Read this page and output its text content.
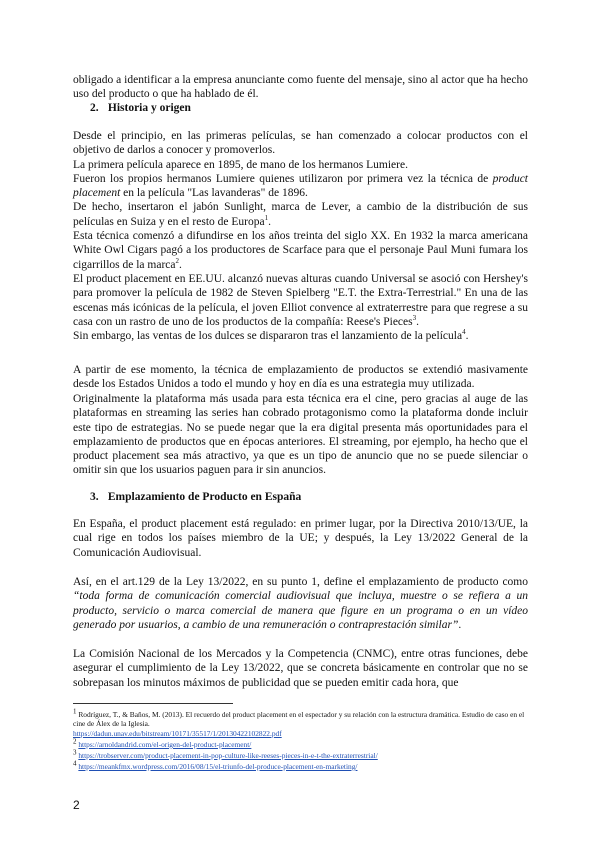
obligado a identificar a la empresa anunciante como fuente del mensaje, sino al actor que ha hecho uso del producto o que ha hablado de él.

2. Historia y origen

Desde el principio, en las primeras películas, se han comenzado a colocar productos con el objetivo de darlos a conocer y promoverlos.
La primera película aparece en 1895, de mano de los hermanos Lumiere.
Fueron los propios hermanos Lumiere quienes utilizaron por primera vez la técnica de product placement en la película "Las lavanderas" de 1896.
De hecho, insertaron el jabón Sunlight, marca de Lever, a cambio de la distribución de sus películas en Suiza y en el resto de Europa$^1$.
Esta técnica comenzó a difundirse en los años treinta del siglo XX. En 1932 la marca americana White Owl Cigars pagó a los productores de Scarface para que el personaje Paul Muni fumara los cigarrillos de la marca$^2$.
El product placement en EE.UU. alcanzó nuevas alturas cuando Universal se asoció con Hershey's para promover la película de 1982 de Steven Spielberg "E.T. the Extra-Terrestrial." En una de las escenas más icónicas de la película, el joven Elliot convence al extraterrestre para que regrese a su casa con un rastro de uno de los productos de la compañía: Reese's Pieces$^3$.
Sin embargo, las ventas de los dulces se dispararon tras el lanzamiento de la película$^4$.

A partir de ese momento, la técnica de emplazamiento de productos se extendió masivamente desde los Estados Unidos a todo el mundo y hoy en día es una estrategia muy utilizada.

Originalmente la plataforma más usada para esta técnica era el cine, pero gracias al auge de las plataformas en streaming las series han cobrado protagonismo como la plataforma donde incluir este tipo de estrategias. No se puede negar que la era digital presenta más oportunidades para el emplazamiento de productos que en épocas anteriores. El streaming, por ejemplo, ha hecho que el product placement sea más atractivo, ya que es un tipo de anuncio que no se puede silenciar o omitir sin que los usuarios paguen para ir sin anuncios.

3. Emplazamiento de Producto en España

En España, el product placement está regulado: en primer lugar, por la Directiva 2010/13/UE, la cual rige en todos los países miembro de la UE; y después, la Ley 13/2022 General de la Comunicación Audiovisual.

Así, en el art.129 de la Ley 13/2022, en su punto 1, define el emplazamiento de producto como “toda forma de comunicación comercial audiovisual que incluya, muestre o se refiera a un producto, servicio o marca comercial de manera que figure en un programa o en un vídeo generado por usuarios, a cambio de una remuneración o contraprestación similar”.

La Comisión Nacional de los Mercados y la Competencia (CNMC), entre otras funciones, debe asegurar el cumplimiento de la Ley 13/2022, que se concreta básicamente en controlar que no se sobrepasan los minutos máximos de publicidad que se pueden emitir cada hora, que

$^1$ Rodríguez, T., & Baños, M. (2013). El recuerdo del product placement en el espectador y su relación con la estructura dramática. Estudio de caso en el cine de Álex de la Iglesia.
https://dadun.unav.edu/bitstream/10171/35517/1/20130422102822.pdf

$^2$ https://arnoldandrid.com/el-origen-del-product-placement/

$^3$ https://trobserver.com/product-placement-in-pop-culture-like-reeses-pieces-in-e-t-the-extraterrestrial/

$^4$ https://meankfmx.wordpress.com/2016/08/15/el-triunfo-del-produce-placement-en-marketing/

2
